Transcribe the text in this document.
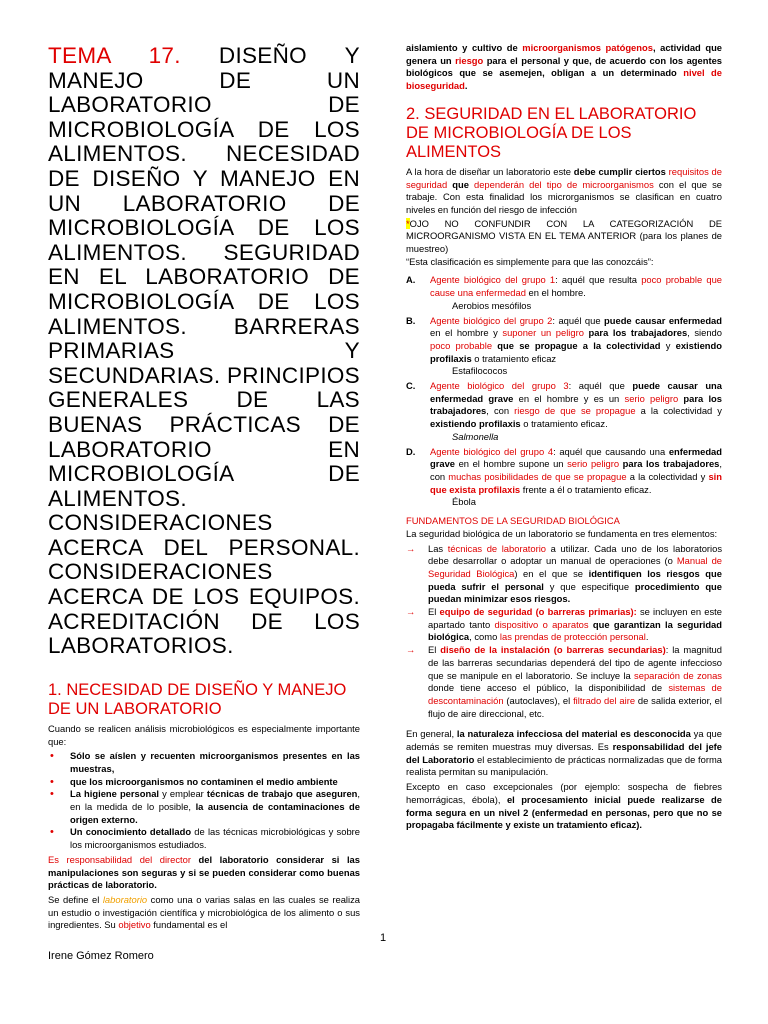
TEMA 17. DISEÑO Y MANEJO DE UN LABORATORIO DE MICROBIOLOGÍA DE LOS ALIMENTOS. NECESIDAD DE DISEÑO Y MANEJO EN UN LABORATORIO DE MICROBIOLOGÍA DE LOS ALIMENTOS. SEGURIDAD EN EL LABORATORIO DE MICROBIOLOGÍA DE LOS ALIMENTOS. BARRERAS PRIMARIAS Y SECUNDARIAS. PRINCIPIOS GENERALES DE LAS BUENAS PRÁCTICAS DE LABORATORIO EN MICROBIOLOGÍA DE ALIMENTOS. CONSIDERACIONES ACERCA DEL PERSONAL. CONSIDERACIONES ACERCA DE LOS EQUIPOS. ACREDITACIÓN DE LOS LABORATORIOS.
1. NECESIDAD DE DISEÑO Y MANEJO DE UN LABORATORIO

Cuando se realicen análisis microbiológicos es especialmente importante que:

• Sólo se aíslen y recuenten microorganismos presentes en las muestras,
• que los microorganismos no contaminen el medio ambiente
• La higiene personal y emplear técnicas de trabajo que aseguren, en la medida de lo posible, la ausencia de contaminaciones de origen externo.
• Un conocimiento detallado de las técnicas microbiológicas y sobre los microorganismos estudiados.

Es responsabilidad del director del laboratorio considerar si las manipulaciones son seguras y si se pueden considerar como buenas prácticas de laboratorio.

Se define el laboratorio como una o varias salas en las cuales se realiza un estudio o investigación científica y microbiológica de los alimento o sus ingredientes. Su objetivo fundamental es el

aislamiento y cultivo de microorganismos patógenos, actividad que genera un riesgo para el personal y que, de acuerdo con los agentes biológicos que se asemejen, obligan a un determinado nivel de bioseguridad.

2. SEGURIDAD EN EL LABORATORIO DE MICROBIOLOGÍA DE LOS ALIMENTOS

A la hora de diseñar un laboratorio este debe cumplir ciertos requisitos de seguridad que dependerán del tipo de microorganismos con el que se trabaje. Con esta finalidad los microrganismos se clasifican en cuatro niveles en función del riesgo de infección

*OJO NO CONFUNDIR CON LA CATEGORIZACIÓN DE MICROORGANISMO VISTA EN EL TEMA ANTERIOR (para los planes de muestreo)

“Esta clasificación es simplemente para que las conozcáis”:

A. Agente biológico del grupo 1: aquél que resulta poco probable que cause una enfermedad en el hombre.
Aerobios mesófilos
B. Agente biológico del grupo 2: aquél que puede causar enfermedad en el hombre y suponer un peligro para los trabajadores, siendo poco probable que se propague a la colectividad y existiendo profilaxis o tratamiento eficaz
Estafilococos
C. Agente biológico del grupo 3: aquél que puede causar una enfermedad grave en el hombre y es un serio peligro para los trabajadores, con riesgo de que se propague a la colectividad y existiendo profilaxis o tratamiento eficaz.
Salmonella
D. Agente biológico del grupo 4: aquél que causando una enfermedad grave en el hombre supone un serio peligro para los trabajadores, con muchas posibilidades de que se propague a la colectividad y sin que exista profilaxis frente a él o tratamiento eficaz.
Ébola

FUNDAMENTOS DE LA SEGURIDAD BIOLÓGICA

La seguridad biológica de un laboratorio se fundamenta en tres elementos:

→ Las técnicas de laboratorio a utilizar. Cada uno de los laboratorios debe desarrollar o adoptar un manual de operaciones (o Manual de Seguridad Biológica) en el que se identifiquen los riesgos que pueda sufrir el personal y que especifique procedimiento que puedan minimizar esos riesgos.
→ El equipo de seguridad (o barreras primarias): se incluyen en este apartado tanto dispositivo o aparatos que garantizan la seguridad biológica, como las prendas de protección personal.
→ El diseño de la instalación (o barreras secundarias): la magnitud de las barreras secundarias dependerá del tipo de agente infeccioso que se manipule en el laboratorio. Se incluye la separación de zonas donde tiene acceso el público, la disponibilidad de sistemas de descontaminación (autoclaves), el filtrado del aire de salida exterior, el flujo de aire direccional, etc.

En general, la naturaleza infecciosa del material es desconocida ya que además se remiten muestras muy diversas. Es responsabilidad del jefe del Laboratorio el establecimiento de prácticas normalizadas que de forma realista permitan su manipulación.

Excepto en caso excepcionales (por ejemplo: sospecha de fiebres hemorrágicas, ébola), el procesamiento inicial puede realizarse de forma segura en un nivel 2 (enfermedad en personas, pero que no se propagaba fácilmente y existe un tratamiento eficaz).

1
Irene Gómez Romero
